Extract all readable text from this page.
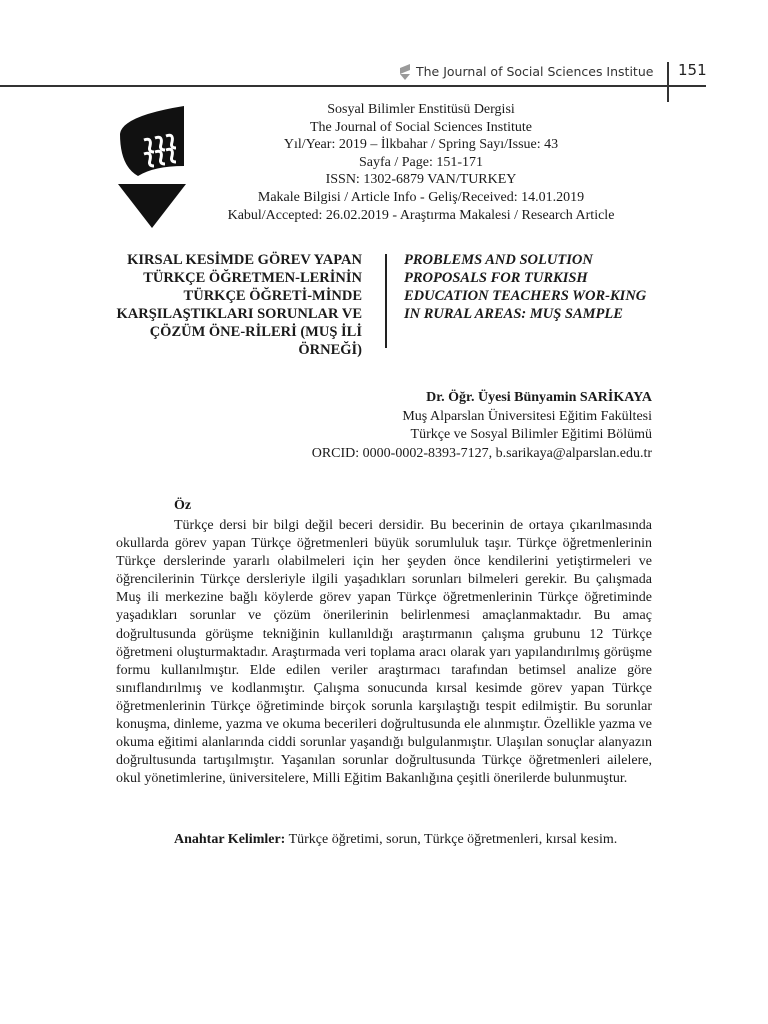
The Journal of Social Sciences Institue 151
Sosyal Bilimler Enstitüsü Dergisi
The Journal of Social Sciences Institute
Yıl/Year: 2019 – İlkbahar / Spring Sayı/Issue: 43
Sayfa / Page: 151-171
ISSN: 1302-6879 VAN/TURKEY
Makale Bilgisi / Article Info - Geliş/Received: 14.01.2019
Kabul/Accepted: 26.02.2019 - Araştırma Makalesi / Research Article
KIRSAL KESİMDE GÖREV YAPAN TÜRKÇE ÖĞRETMEN-LERİNİN TÜRKÇE ÖĞRETİ-MİNDE KARŞILAŞTIKLARI SORUNLAR VE ÇÖZÜM ÖNE-RİLERİ (MUŞ İLİ ÖRNEĞİ)
PROBLEMS AND SOLUTION PROPOSALS FOR TURKISH EDUCATION TEACHERS WOR-KING IN RURAL AREAS: MUŞ SAMPLE
Dr. Öğr. Üyesi Bünyamin SARİKAYA
Muş Alparslan Üniversitesi Eğitim Fakültesi
Türkçe ve Sosyal Bilimler Eğitimi Bölümü
ORCID: 0000-0002-8393-7127, b.sarikaya@alparslan.edu.tr
Öz

Türkçe dersi bir bilgi değil beceri dersidir. Bu becerinin de ortaya çıkarılmasında okullarda görev yapan Türkçe öğretmenleri büyük sorumluluk taşır. Türkçe öğretmenlerinin Türkçe derslerinde yararlı olabilmeleri için her şeyden önce kendilerini yetiştirmeleri ve öğrencilerinin Türkçe dersleriyle ilgili yaşadıkları sorunları bilmeleri gerekir. Bu çalışmada Muş ili merkezine bağlı köylerde görev yapan Türkçe öğretmenlerinin Türkçe öğretiminde yaşadıkları sorunlar ve çözüm önerilerinin belirlenmesi amaçlanmaktadır. Bu amaç doğrultusunda görüşme tekniğinin kullanıldığı araştırmanın çalışma grubunu 12 Türkçe öğretmeni oluşturmaktadır. Araştırmada veri toplama aracı olarak yarı yapılandırılmış görüşme formu kullanılmıştır. Elde edilen veriler araştırmacı tarafından betimsel analize göre sınıflandırılmış ve kodlanmıştır. Çalışma sonucunda kırsal kesimde görev yapan Türkçe öğretmenlerinin Türkçe öğretiminde birçok sorunla karşılaştığı tespit edilmiştir. Bu sorunlar konuşma, dinleme, yazma ve okuma becerileri doğrultusunda ele alınmıştır. Özellikle yazma ve okuma eğitimi alanlarında ciddi sorunlar yaşandığı bulgulanmıştır. Ulaşılan sonuçlar alanyazın doğrultusunda tartışılmıştır. Yaşanılan sorunlar doğrultusunda Türkçe öğretmenleri ailelere, okul yönetimlerine, üniversitelere, Milli Eğitim Bakanlığına çeşitli önerilerde bulunmuştur.

Anahtar Kelimler: Türkçe öğretimi, sorun, Türkçe öğretmenleri, kırsal kesim.
